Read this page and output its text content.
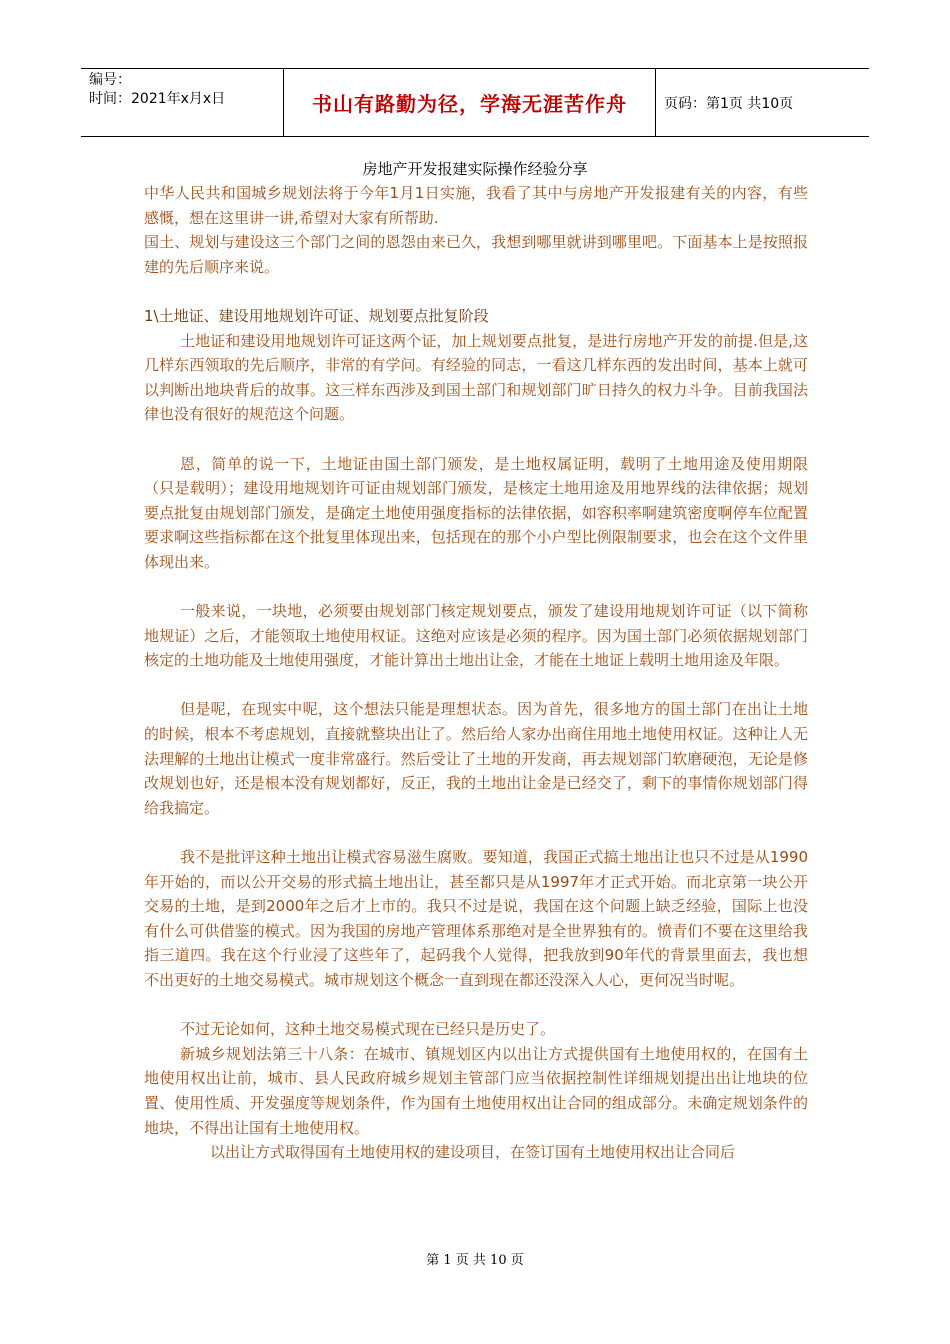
编号：
时间：2021年x月x日	书山有路勤为径，学海无涯苦作舟	页码：第1页 共10页
房地产开发报建实际操作经验分享

中华人民共和国城乡规划法将于今年1月1日实施，我看了其中与房地产开发报建有关的内容，有些感慨，想在这里讲一讲,希望对大家有所帮助.

国土、规划与建设这三个部门之间的恩怨由来已久，我想到哪里就讲到哪里吧。下面基本上是按照报建的先后顺序来说。

1\土地证、建设用地规划许可证、规划要点批复阶段

土地证和建设用地规划许可证这两个证，加上规划要点批复，是进行房地产开发的前提.但是,这几样东西领取的先后顺序，非常的有学问。有经验的同志，一看这几样东西的发出时间，基本上就可以判断出地块背后的故事。这三样东西涉及到国土部门和规划部门旷日持久的权力斗争。目前我国法律也没有很好的规范这个问题。

恩，简单的说一下，土地证由国土部门颁发，是土地权属证明，载明了土地用途及使用期限（只是载明）；建设用地规划许可证由规划部门颁发，是核定土地用途及用地界线的法律依据；规划要点批复由规划部门颁发，是确定土地使用强度指标的法律依据，如容积率啊建筑密度啊停车位配置要求啊这些指标都在这个批复里体现出来，包括现在的那个小户型比例限制要求，也会在这个文件里体现出来。

一般来说，一块地，必须要由规划部门核定规划要点，颁发了建设用地规划许可证（以下简称地规证）之后，才能领取土地使用权证。这绝对应该是必须的程序。因为国土部门必须依据规划部门核定的土地功能及土地使用强度，才能计算出土地出让金，才能在土地证上载明土地用途及年限。

但是呢，在现实中呢，这个想法只能是理想状态。因为首先，很多地方的国土部门在出让土地的时候，根本不考虑规划，直接就整块出让了。然后给人家办出商住用地土地使用权证。这种让人无法理解的土地出让模式一度非常盛行。然后受让了土地的开发商，再去规划部门软磨硬泡，无论是修改规划也好，还是根本没有规划都好，反正，我的土地出让金是已经交了，剩下的事情你规划部门得给我搞定。

我不是批评这种土地出让模式容易滋生腐败。要知道，我国正式搞土地出让也只不过是从1990年开始的，而以公开交易的形式搞土地出让，甚至都只是从1997年才正式开始。而北京第一块公开交易的土地，是到2000年之后才上市的。我只不过是说，我国在这个问题上缺乏经验，国际上也没有什么可供借鉴的模式。因为我国的房地产管理体系那绝对是全世界独有的。愤青们不要在这里给我指三道四。我在这个行业浸了这些年了，起码我个人觉得，把我放到90年代的背景里面去，我也想不出更好的土地交易模式。城市规划这个概念一直到现在都还没深入人心，更何况当时呢。

不过无论如何，这种土地交易模式现在已经只是历史了。

新城乡规划法第三十八条：在城市、镇规划区内以出让方式提供国有土地使用权的，在国有土地使用权出让前，城市、县人民政府城乡规划主管部门应当依据控制性详细规划提出出让地块的位置、使用性质、开发强度等规划条件，作为国有土地使用权出让合同的组成部分。未确定规划条件的地块，不得出让国有土地使用权。

以出让方式取得国有土地使用权的建设项目，在签订国有土地使用权出让合同后

第 1 页 共 10 页
